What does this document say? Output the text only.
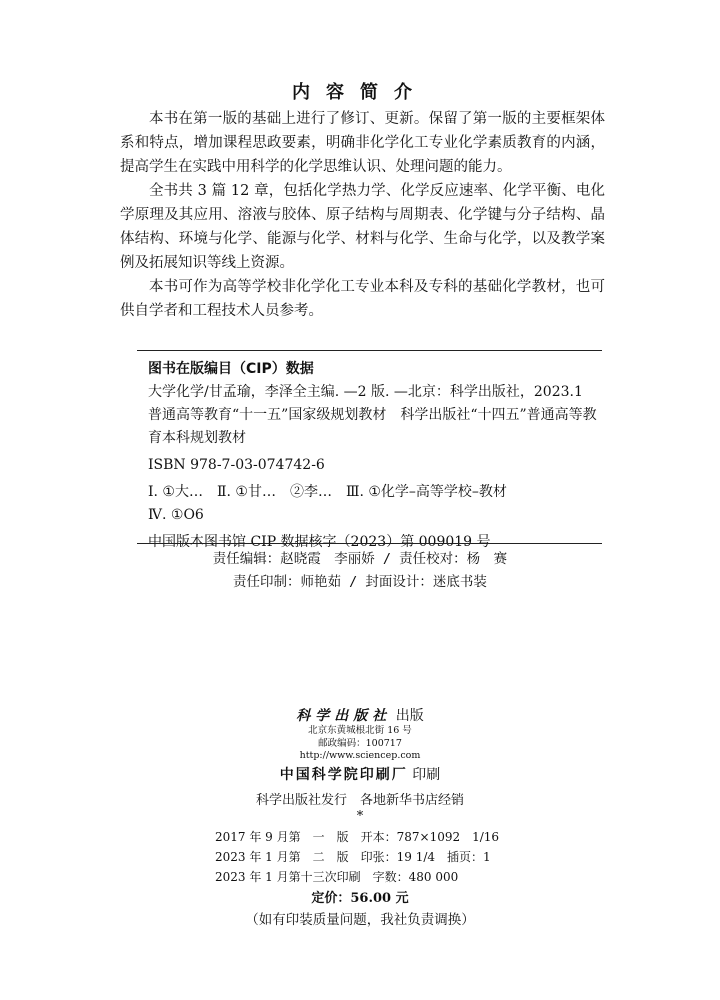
内容简介

本书在第一版的基础上进行了修订、更新。保留了第一版的主要框架体系和特点，增加课程思政要素，明确非化学化工专业化学素质教育的内涵，提高学生在实践中用科学的化学思维认识、处理问题的能力。

全书共 3 篇 12 章，包括化学热力学、化学反应速率、化学平衡、电化学原理及其应用、溶液与胶体、原子结构与周期表、化学键与分子结构、晶体结构、环境与化学、能源与化学、材料与化学、生命与化学，以及教学案例及拓展知识等线上资源。

本书可作为高等学校非化学化工专业本科及专科的基础化学教材，也可供自学者和工程技术人员参考。

图书在版编目（CIP）数据
大学化学/甘孟瑜，李泽全主编. —2 版. —北京：科学出版社，2023.1
普通高等教育“十一五”国家级规划教材　科学出版社“十四五”普通高等教育本科规划教材
ISBN 978-7-03-074742-6
Ⅰ. ①大…　Ⅱ. ①甘…　②李…　Ⅲ. ①化学–高等学校–教材
Ⅳ. ①O6
中国版本图书馆 CIP 数据核字（2023）第 009019 号
责任编辑：赵晓霞　李丽娇 / 责任校对：杨　赛
责任印制：师艳茹 / 封面设计：迷底书装
科学出版社 出版
北京东黄城根北街 16 号
邮政编码：100717
http://www.sciencep.com
中国科学院印刷厂 印刷
科学出版社发行　各地新华书店经销
*
2017 年 9 月第　一　版　开本：787×1092　1/16
2023 年 1 月第　二　版　印张：19 1/4　插页：1
2023 年 1 月第十三次印刷　字数：480 000
定价：56.00 元
（如有印装质量问题，我社负责调换）
